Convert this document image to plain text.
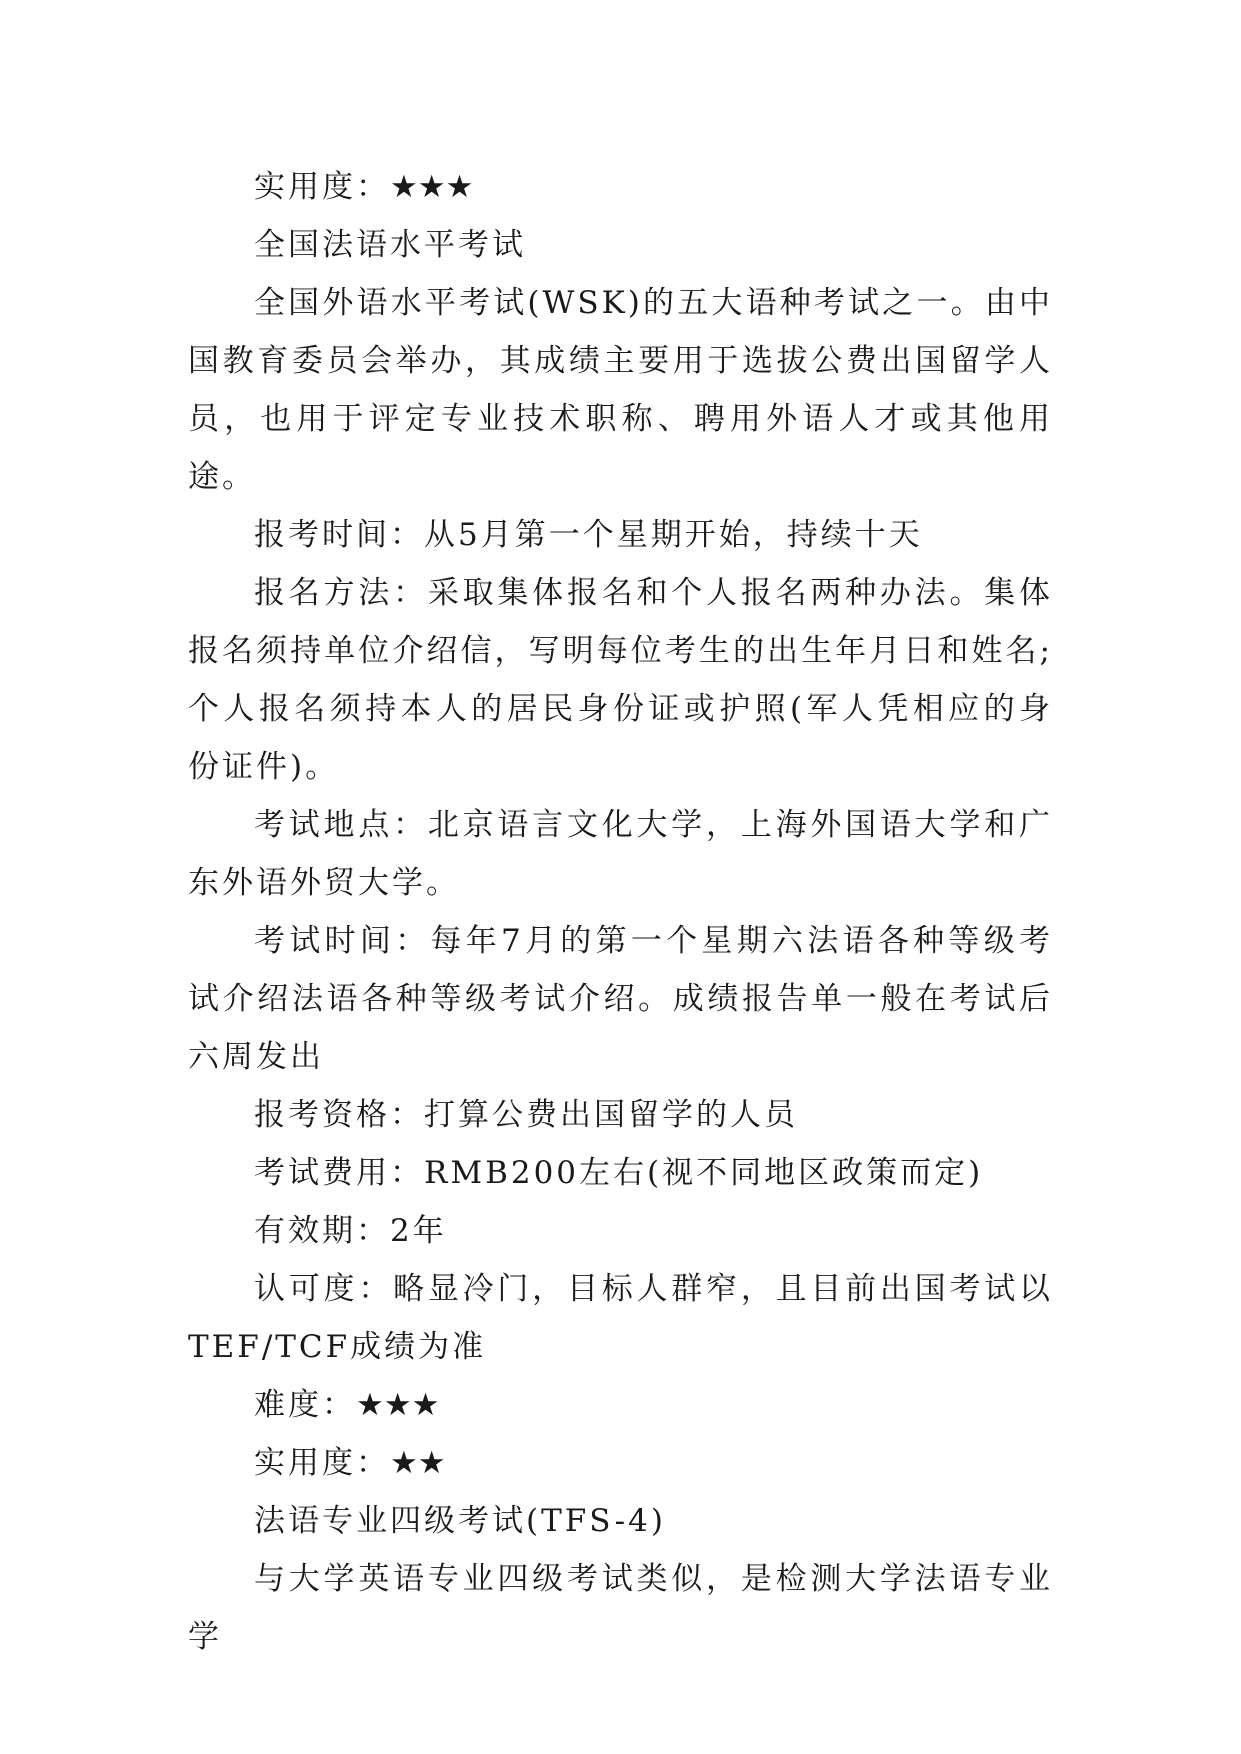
实用度：★★★

全国法语水平考试

全国外语水平考试(WSK)的五大语种考试之一。由中国教育委员会举办，其成绩主要用于选拔公费出国留学人员，也用于评定专业技术职称、聘用外语人才或其他用途。

报考时间：从5月第一个星期开始，持续十天

报名方法：采取集体报名和个人报名两种办法。集体报名须持单位介绍信，写明每位考生的出生年月日和姓名;个人报名须持本人的居民身份证或护照(军人凭相应的身份证件)。

考试地点：北京语言文化大学，上海外国语大学和广东外语外贸大学。

考试时间：每年7月的第一个星期六法语各种等级考试介绍法语各种等级考试介绍。成绩报告单一般在考试后六周发出

报考资格：打算公费出国留学的人员

考试费用：RMB200左右(视不同地区政策而定)

有效期：2年

认可度：略显冷门，目标人群窄，且目前出国考试以TEF/TCF成绩为准

难度：★★★

实用度：★★

法语专业四级考试(TFS-4)

与大学英语专业四级考试类似，是检测大学法语专业学
